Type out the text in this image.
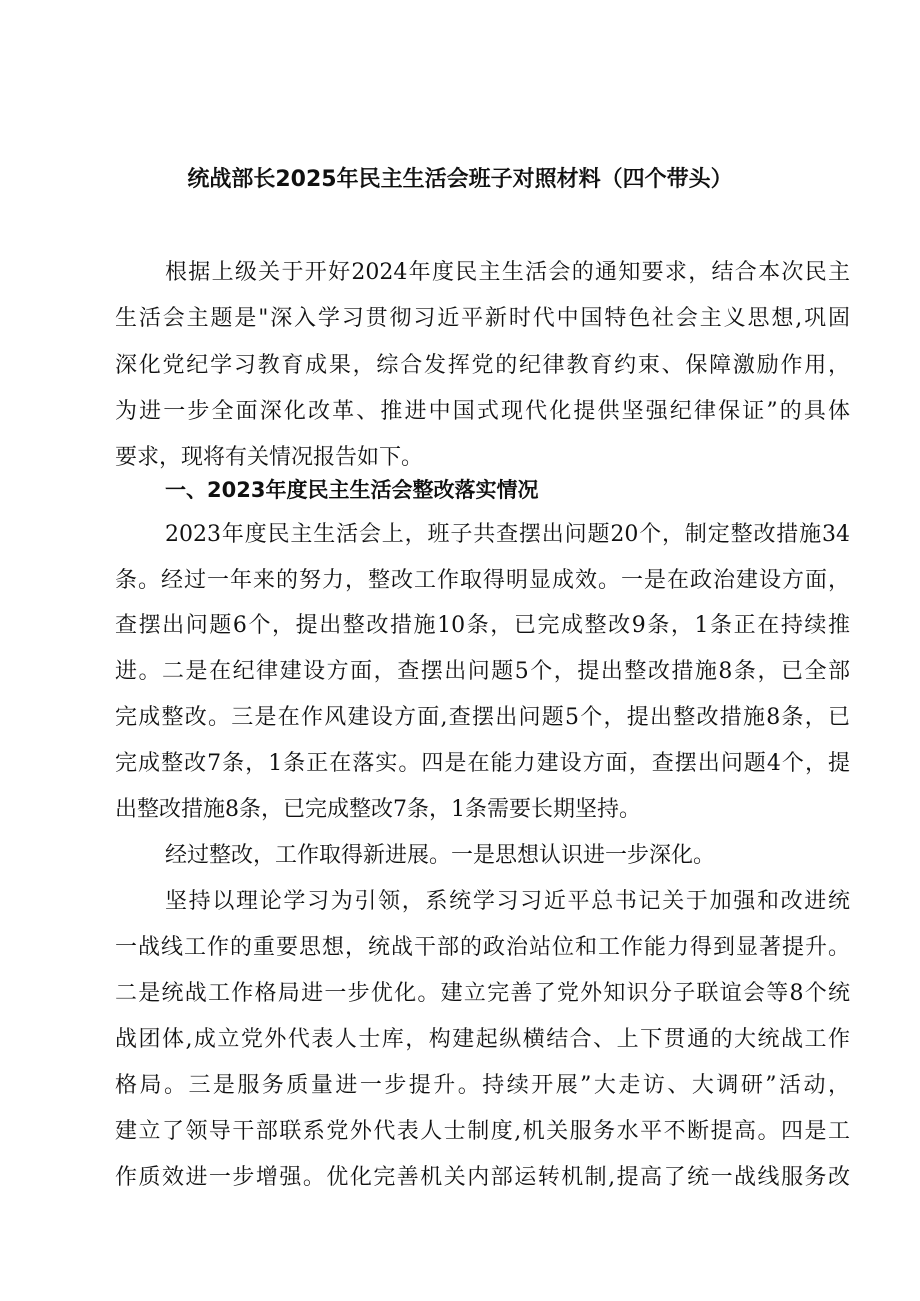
统战部长2025年民主生活会班子对照材料（四个带头）
根据上级关于开好2024年度民主生活会的通知要求，结合本次民主
生活会主题是"深入学习贯彻习近平新时代中国特色社会主义思想,巩固
深化党纪学习教育成果，综合发挥党的纪律教育约束、保障激励作用，
为进一步全面深化改革、推进中国式现代化提供坚强纪律保证”的具体
要求，现将有关情况报告如下。
一、2023年度民主生活会整改落实情况
2023年度民主生活会上，班子共查摆出问题20个，制定整改措施34
条。经过一年来的努力，整改工作取得明显成效。一是在政治建设方面，
查摆出问题6个，提出整改措施10条，已完成整改9条，1条正在持续推
进。二是在纪律建设方面，查摆出问题5个，提出整改措施8条，已全部
完成整改。三是在作风建设方面,查摆出问题5个，提出整改措施8条，已
完成整改7条，1条正在落实。四是在能力建设方面，查摆出问题4个，提
出整改措施8条，已完成整改7条，1条需要长期坚持。
经过整改，工作取得新进展。一是思想认识进一步深化。
坚持以理论学习为引领，系统学习习近平总书记关于加强和改进统
一战线工作的重要思想，统战干部的政治站位和工作能力得到显著提升。
二是统战工作格局进一步优化。建立完善了党外知识分子联谊会等8个统
战团体,成立党外代表人士库，构建起纵横结合、上下贯通的大统战工作
格局。三是服务质量进一步提升。持续开展”大走访、大调研”活动，
建立了领导干部联系党外代表人士制度,机关服务水平不断提高。四是工
作质效进一步增强。优化完善机关内部运转机制,提高了统一战线服务改
